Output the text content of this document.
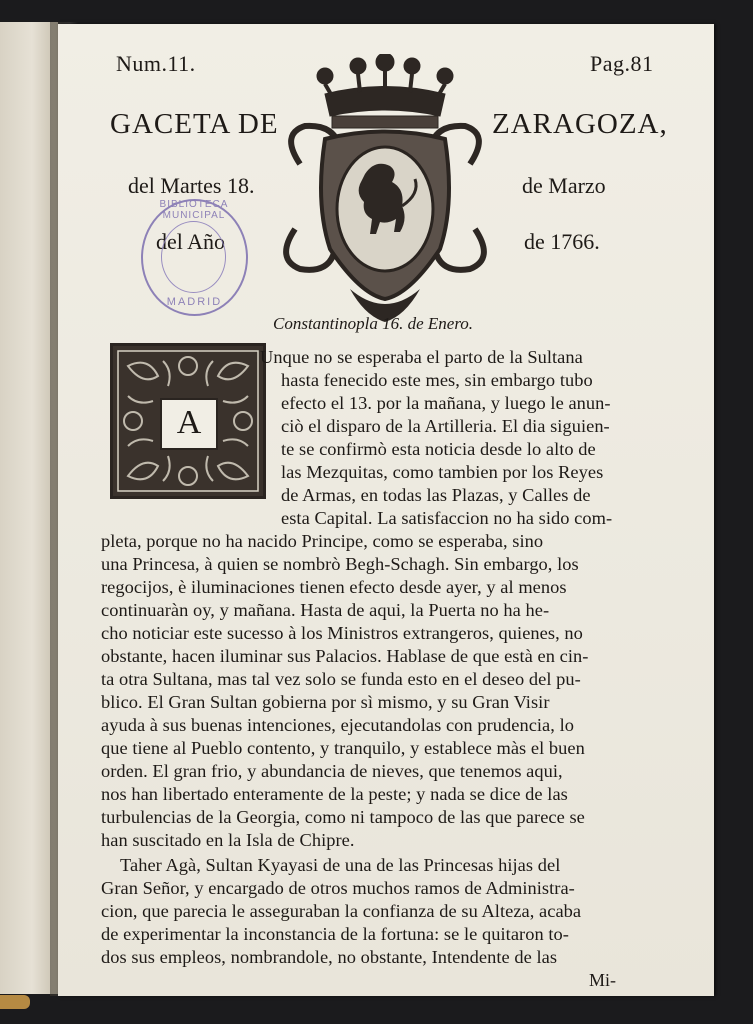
Num.11.	Pag.81
GACETA DE	ZARAGOZA,
del Martes 18.	de Marzo
del Año	de 1766.
BIBLIOTECA MUNICIPAL
MADRID
Constantinopla 16. de Enero.
A
Unque no se esperaba el parto de la Sultana
hasta fenecido este mes, sin embargo tubo
efecto el 13. por la mañana, y luego le anun-
ciò el disparo de la Artilleria. El dia siguien-
te se confirmò esta noticia desde lo alto de
las Mezquitas, como tambien por los Reyes
de Armas, en todas las Plazas, y Calles de
esta Capital. La satisfaccion no ha sido com-
pleta, porque no ha nacido Principe, como se esperaba, sino
una Princesa, à quien se nombrò Begh-Schagh. Sin embargo, los
regocijos, è iluminaciones tienen efecto desde ayer, y al menos
continuaràn oy, y mañana. Hasta de aqui, la Puerta no ha he-
cho noticiar este sucesso à los Ministros extrangeros, quienes, no
obstante, hacen iluminar sus Palacios. Hablase de que està en cin-
ta otra Sultana, mas tal vez solo se funda esto en el deseo del pu-
blico. El Gran Sultan gobierna por sì mismo, y su Gran Visir
ayuda à sus buenas intenciones, ejecutandolas con prudencia, lo
que tiene al Pueblo contento, y tranquilo, y establece màs el buen
orden. El gran frio, y abundancia de nieves, que tenemos aqui,
nos han libertado enteramente de la peste; y nada se dice de las
turbulencias de la Georgia, como ni tampoco de las que parece se
han suscitado en la Isla de Chipre.
Taher Agà, Sultan Kyayasi de una de las Princesas hijas del
Gran Señor, y encargado de otros muchos ramos de Administra-
cion, que parecia le asseguraban la confianza de su Alteza, acaba
de experimentar la inconstancia de la fortuna: se le quitaron to-
dos sus empleos, nombrandole, no obstante, Intendente de las
Mi-
